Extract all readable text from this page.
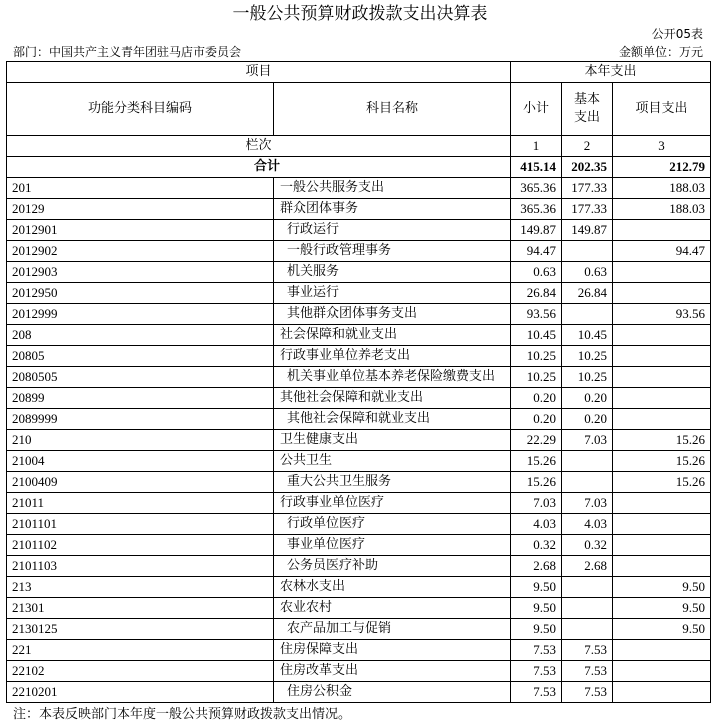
一般公共预算财政拨款支出决算表
公开05表
部门：中国共产主义青年团驻马店市委员会	金额单位：万元
项目		本年支出		
功能分类科目编码	科目名称	小计	基本支出	项目支出
栏次		1	2	3
合计		415.14	202.35	212.79
201	一般公共服务支出	365.36	177.33	188.03
20129	群众团体事务	365.36	177.33	188.03
2012901	行政运行	149.87	149.87	
2012902	一般行政管理事务	94.47		94.47
2012903	机关服务	0.63	0.63	
2012950	事业运行	26.84	26.84	
2012999	其他群众团体事务支出	93.56		93.56
208	社会保障和就业支出	10.45	10.45	
20805	行政事业单位养老支出	10.25	10.25	
2080505	机关事业单位基本养老保险缴费支出	10.25	10.25	
20899	其他社会保障和就业支出	0.20	0.20	
2089999	其他社会保障和就业支出	0.20	0.20	
210	卫生健康支出	22.29	7.03	15.26
21004	公共卫生	15.26		15.26
2100409	重大公共卫生服务	15.26		15.26
21011	行政事业单位医疗	7.03	7.03	
2101101	行政单位医疗	4.03	4.03	
2101102	事业单位医疗	0.32	0.32	
2101103	公务员医疗补助	2.68	2.68	
213	农林水支出	9.50		9.50
21301	农业农村	9.50		9.50
2130125	农产品加工与促销	9.50		9.50
221	住房保障支出	7.53	7.53	
22102	住房改革支出	7.53	7.53	
2210201	住房公积金	7.53	7.53	
注：本表反映部门本年度一般公共预算财政拨款支出情况。
